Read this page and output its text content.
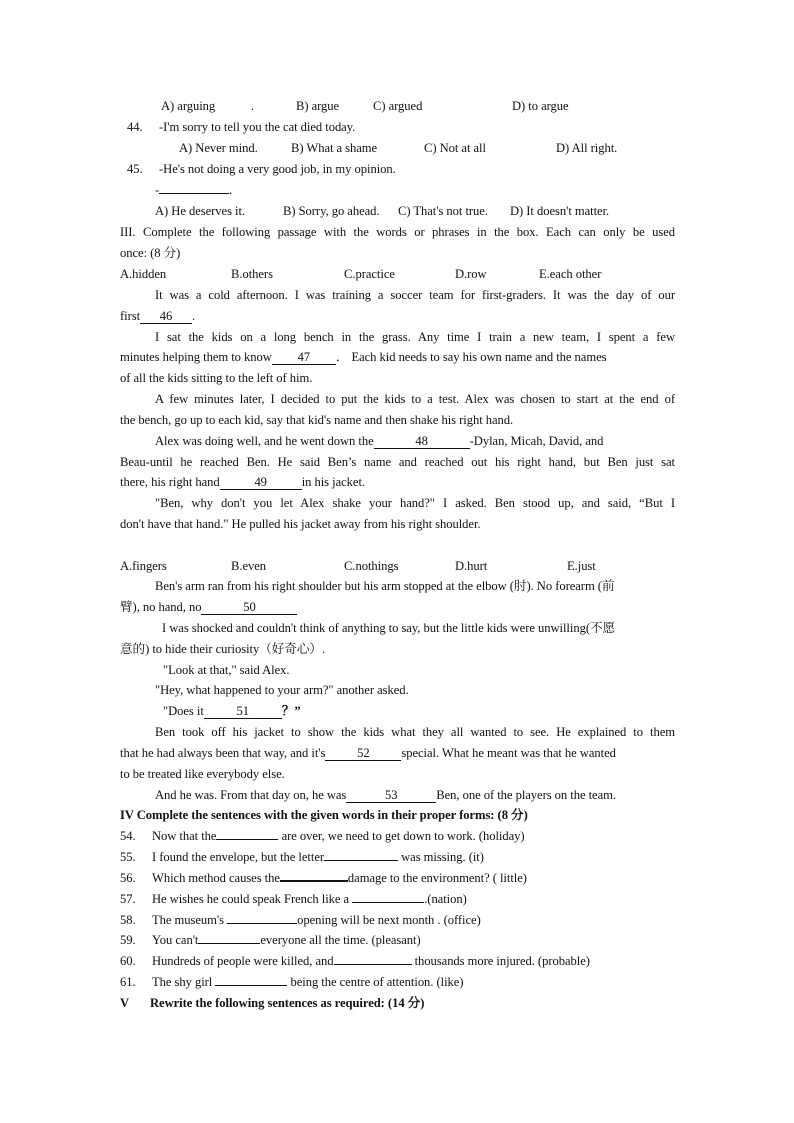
A) arguing	.	B) argue	C) argued	D) to argue
44. -I'm sorry to tell you the cat died today.
A) Never mind.	B) What a shame	C) Not at all	D) All right.
45. -He's not doing a very good job, in my opinion.
-	.
A) He deserves it.	B) Sorry, go ahead. C) That's not true. D) It doesn't matter.
III. Complete the following passage with the words or phrases in the box. Each can only be used
once: (8 分)
A.hidden	B.others	C.practice	D.row	E.each other
It was a cold afternoon. I was training a soccer team for first-graders. It was the day of our
first 46 .
I sat the kids on a long bench in the grass. Any time I train a new team, I spent a few
minutes helping them to know 47 ． Each kid needs to say his own name and the names
of all the kids sitting to the left of him.
A few minutes later, I decided to put the kids to a test. Alex was chosen to start at the end of
the bench, go up to each kid, say that kid's name and then shake his right hand.
Alex was doing well, and he went down the	48	-Dylan, Micah, David, and
Beau-until he reached Ben. He said Ben’s name and reached out his right hand, but Ben just sat
there, his right hand	49	in his jacket.
"Ben, why don't you let Alex shake your hand?" I asked. Ben stood up, and said, “But I
don't have that hand." He pulled his jacket away from his right shoulder.
A.fingers	B.even	C.nothings	D.hurt	E.just
Ben's arm ran from his right shoulder but his arm stopped at the elbow (肘). No forearm (前
臂), no hand, no	50
I was shocked and couldn't think of anything to say, but the little kids were unwilling(不愿
意的) to hide their curiosity（好奇心）.
"Look at that," said Alex.
"Hey, what happened to your arm?" another asked.
"Does it	51	？”
Ben took off his jacket to show the kids what they all wanted to see. He explained to them
that he had always been that way, and it's	52	special. What he meant was that he wanted
to be treated like everybody else.
And he was. From that day on, he was	53	Ben, one of the players on the team.
IV Complete the sentences with the given words in their proper forms: (8 分)
54. Now that the	are over, we need to get down to work. (holiday)
55. I found the envelope, but the letter	was missing. (it)
56. Which method causes the	damage to the environment? ( little)
57. He wishes he could speak French like a	.(nation)
58. The museum's	opening will be next month . (office)
59. You can't	everyone all the time. (pleasant)
60. Hundreds of people were killed, and	thousands more injured. (probable)
61. The shy girl	being the centre of attention. (like)
V Rewrite the following sentences as required: (14 分)
